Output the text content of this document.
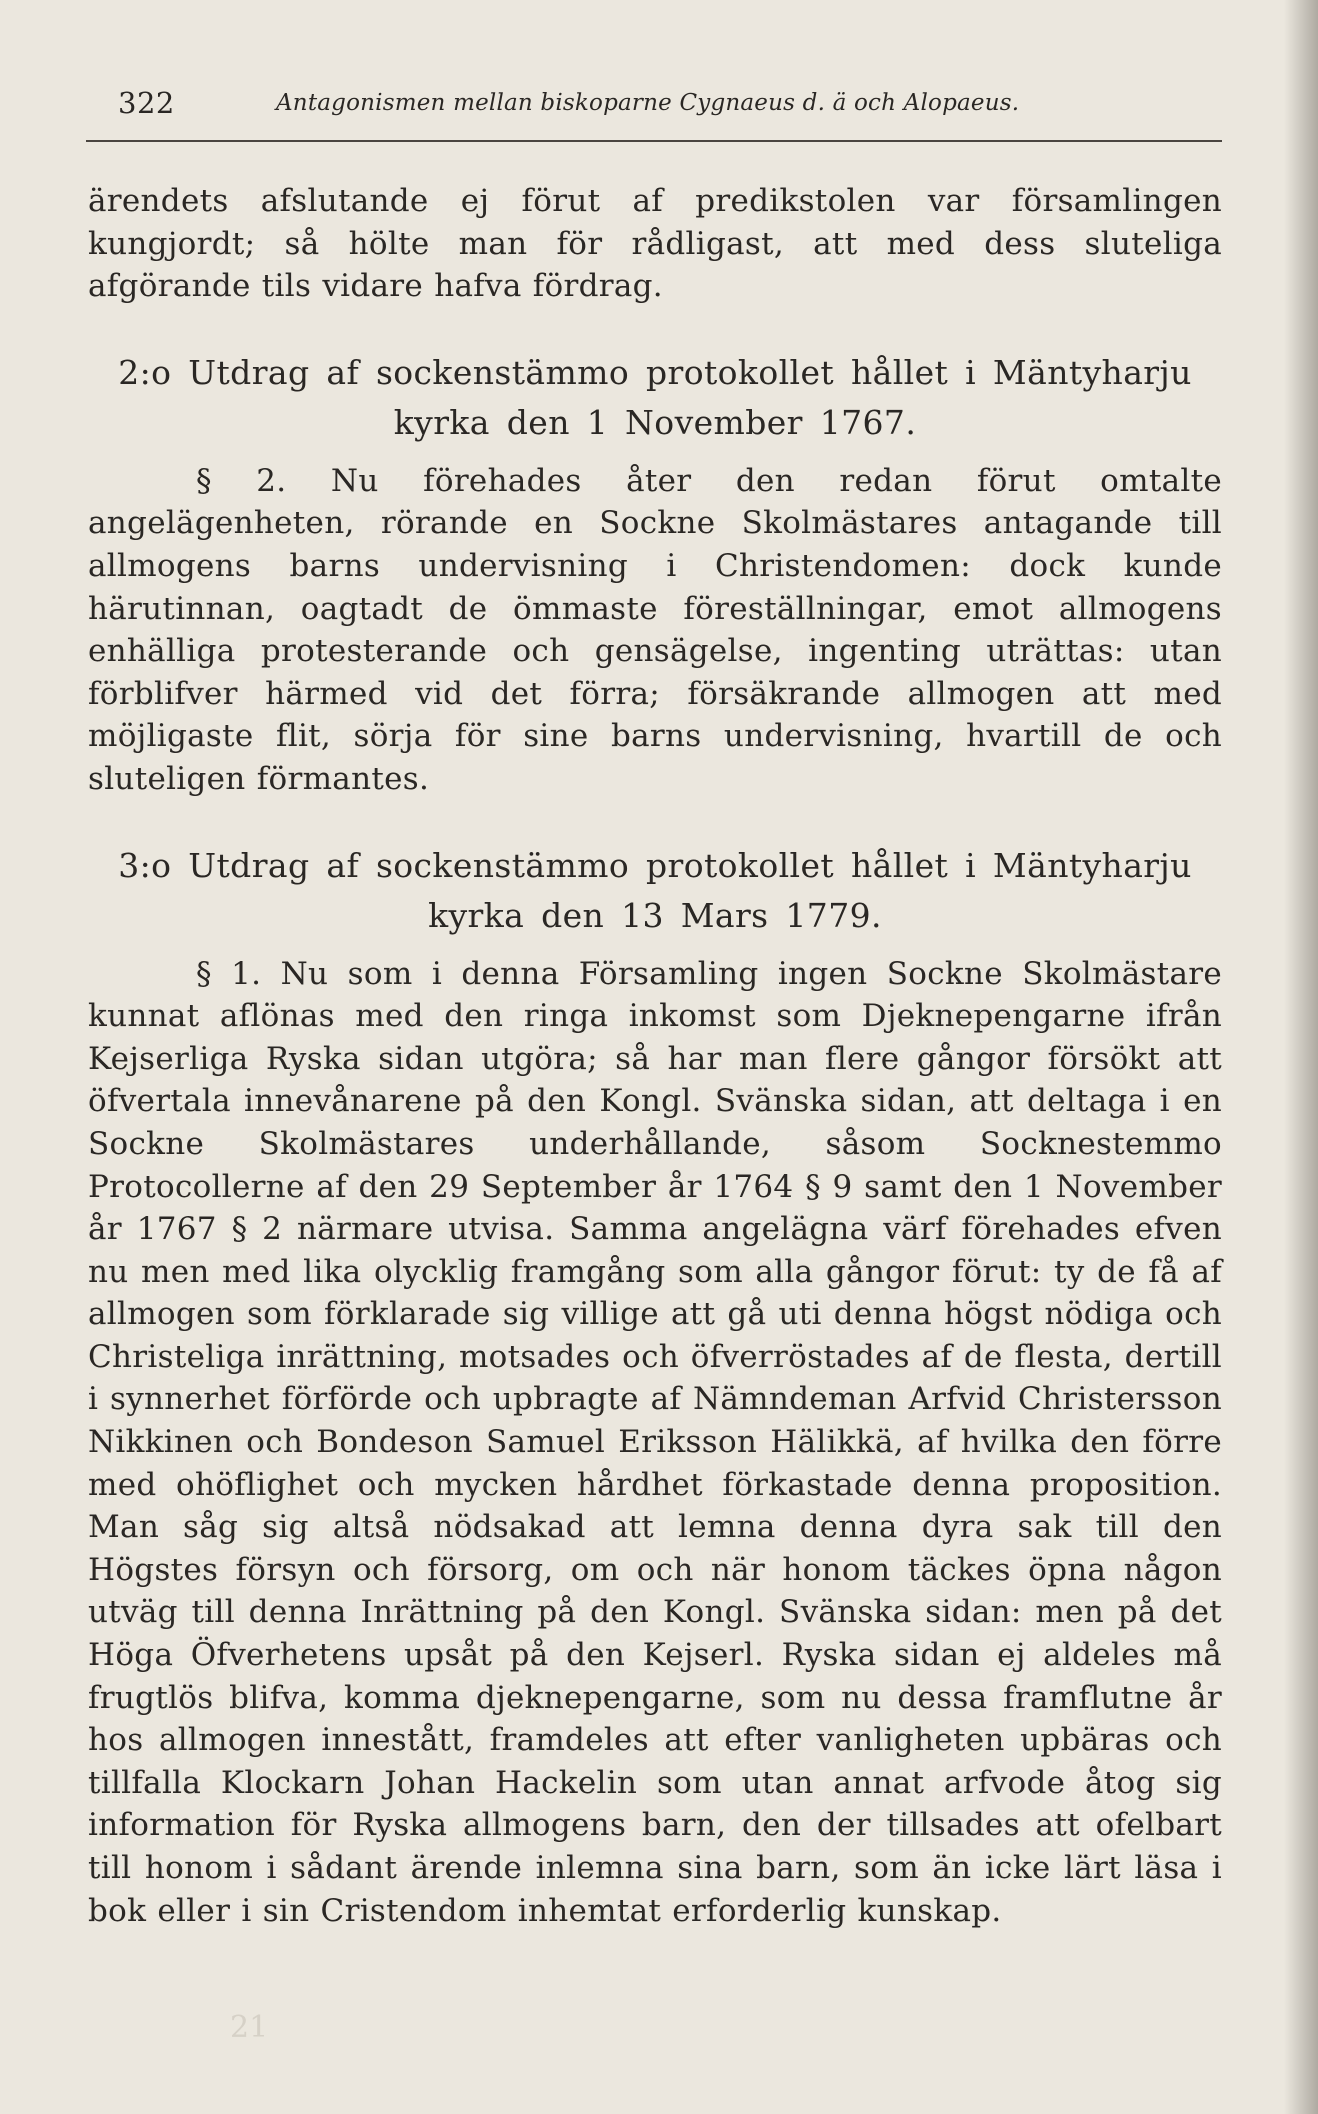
322	Antagonismen mellan biskoparne Cygnaeus d. ä och Alopaeus.

ärendets afslutande ej förut af predikstolen var församlingen kungjordt; så hölte man för rådligast, att med dess sluteliga afgörande tils vidare hafva fördrag.

2:o Utdrag af sockenstämmo protokollet hållet i Mäntyharju
kyrka den 1 November 1767.

§ 2. Nu förehades åter den redan förut omtalte angelägenheten, rörande en Sockne Skolmästares antagande till allmogens barns undervisning i Christendomen: dock kunde härutinnan, oagtadt de ömmaste föreställningar, emot allmogens enhälliga protesterande och gensägelse, ingenting uträttas: utan förblifver härmed vid det förra; försäkrande allmogen att med möjligaste flit, sörja för sine barns undervisning, hvartill de och sluteligen förmantes.

3:o Utdrag af sockenstämmo protokollet hållet i Mäntyharju
kyrka den 13 Mars 1779.

§ 1. Nu som i denna Församling ingen Sockne Skolmästare kunnat aflönas med den ringa inkomst som Djeknepengarne ifrån Kejserliga Ryska sidan utgöra; så har man flere gångor försökt att öfvertala innevånarene på den Kongl. Svänska sidan, att deltaga i en Sockne Skolmästares underhållande, såsom Socknestemmo Protocollerne af den 29 September år 1764 § 9 samt den 1 November år 1767 § 2 närmare utvisa. Samma angelägna värf förehades efven nu men med lika olycklig framgång som alla gångor förut: ty de få af allmogen som förklarade sig villige att gå uti denna högst nödiga och Christeliga inrättning, motsades och öfverröstades af de flesta, dertill i synnerhet förförde och upbragte af Nämndeman Arfvid Christersson Nikkinen och Bondeson Samuel Eriksson Hälikkä, af hvilka den förre med ohöflighet och mycken hårdhet förkastade denna proposition. Man såg sig altså nödsakad att lemna denna dyra sak till den Högstes försyn och försorg, om och när honom täckes öpna någon utväg till denna Inrättning på den Kongl. Svänska sidan: men på det Höga Öfverhetens upsåt på den Kejserl. Ryska sidan ej aldeles må frugtlös blifva, komma djeknepengarne, som nu dessa framflutne år hos allmogen innestått, framdeles att efter vanligheten upbäras och tillfalla Klockarn Johan Hackelin som utan annat arfvode åtog sig information för Ryska allmogens barn, den der tillsades att ofelbart till honom i sådant ärende inlemna sina barn, som än icke lärt läsa i bok eller i sin Cristendom inhemtat erforderlig kunskap.

21
